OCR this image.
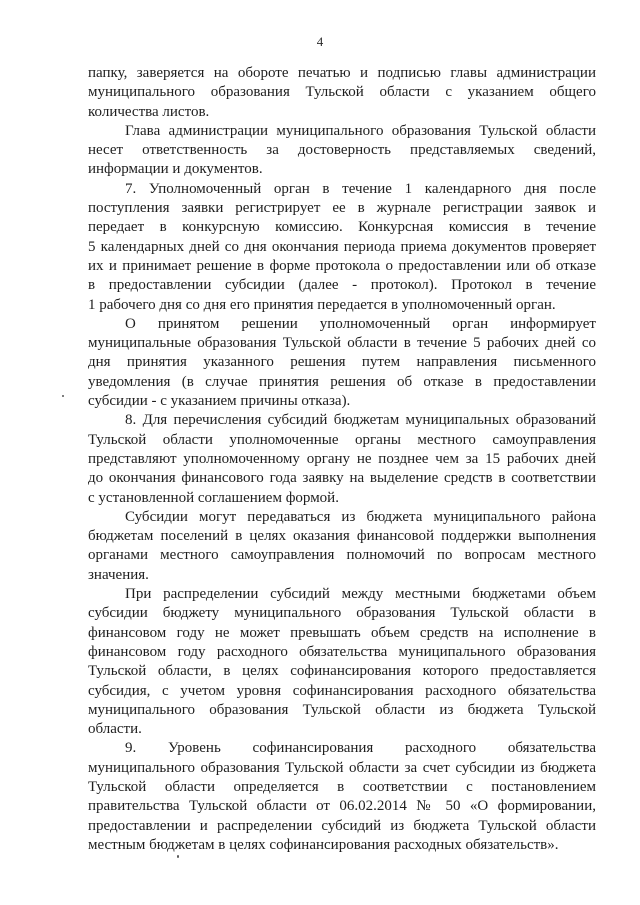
4
папку, заверяется на обороте печатью и подписью главы администрации
муниципального образования Тульской области с указанием общего
количества листов.
Глава администрации муниципального образования Тульской области
несет ответственность за достоверность представляемых сведений,
информации и документов.
7. Уполномоченный орган в течение 1 календарного дня после
поступления заявки регистрирует ее в журнале регистрации заявок и
передает в конкурсную комиссию. Конкурсная комиссия в течение
5 календарных дней со дня окончания периода приема документов проверяет
их и принимает решение в форме протокола о предоставлении или об отказе
в предоставлении субсидии (далее - протокол). Протокол в течение
1 рабочего дня со дня его принятия передается в уполномоченный орган.
О принятом решении уполномоченный орган информирует
муниципальные образования Тульской области в течение 5 рабочих дней со
дня принятия указанного решения путем направления письменного
уведомления (в случае принятия решения об отказе в предоставлении
субсидии - с указанием причины отказа).
8. Для перечисления субсидий бюджетам муниципальных образований
Тульской области уполномоченные органы местного самоуправления
представляют уполномоченному органу не позднее чем за 15 рабочих дней
до окончания финансового года заявку на выделение средств в соответствии
с установленной соглашением формой.
Субсидии могут передаваться из бюджета муниципального района
бюджетам поселений в целях оказания финансовой поддержки выполнения
органами местного самоуправления полномочий по вопросам местного
значения.
При распределении субсидий между местными бюджетами объем
субсидии бюджету муниципального образования Тульской области в
финансовом году не может превышать объем средств на исполнение в
финансовом году расходного обязательства муниципального образования
Тульской области, в целях софинансирования которого предоставляется
субсидия, с учетом уровня софинансирования расходного обязательства
муниципального образования Тульской области из бюджета Тульской
области.
9. Уровень софинансирования расходного обязательства
муниципального образования Тульской области за счет субсидии из бюджета
Тульской области определяется в соответствии с постановлением
правительства Тульской области от 06.02.2014 № 50 «О формировании,
предоставлении и распределении субсидий из бюджета Тульской области
местным бюджетам в целях софинансирования расходных обязательств».
